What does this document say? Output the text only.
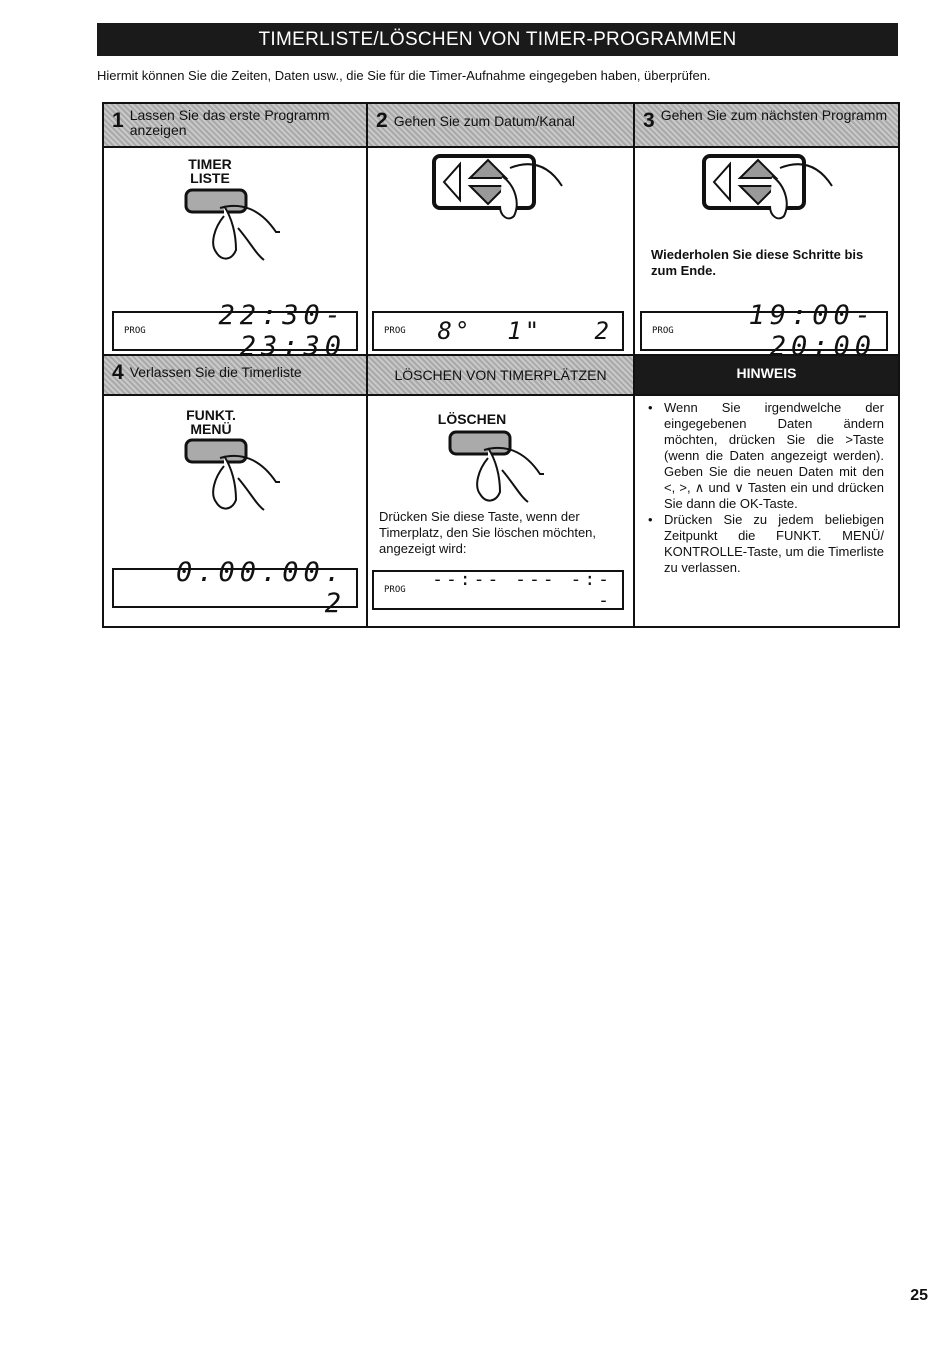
TIMERLISTE/LÖSCHEN VON TIMER-PROGRAMMEN
Hiermit können Sie die Zeiten, Daten usw., die Sie für die Timer-Aufnahme eingegeben haben, überprüfen.
1 Lassen Sie das erste Programm anzeigen	2 Gehen Sie zum Datum/Kanal	3 Gehen Sie zum nächsten Programm
4 Verlassen Sie die Timerliste	LÖSCHEN VON TIMERPLÄTZEN	HINWEIS
TIMER LISTE
Wiederholen Sie diese Schritte bis zum Ende.
PROG	22:30-23:30	PROG	8°  1"   2	PROG	19:00-20:00
FUNKT. MENÜ
0.00.00. 2
LÖSCHEN
Drücken Sie diese Taste, wenn der Timerplatz, den Sie löschen möchten, angezeigt wird:
PROG	--:-- --- -:--
• Wenn Sie irgendwelche der eingegebenen Daten ändern möchten, drücken Sie die >Taste (wenn die Daten angezeigt werden). Geben Sie die neuen Daten mit den <, >, ∧ und ∨ Tasten ein und drücken Sie dann die OK-Taste.
• Drücken Sie zu jedem beliebigen Zeitpunkt die FUNKT. MENÜ/ KONTROLLE-Taste, um die Timerliste zu verlassen.
25
